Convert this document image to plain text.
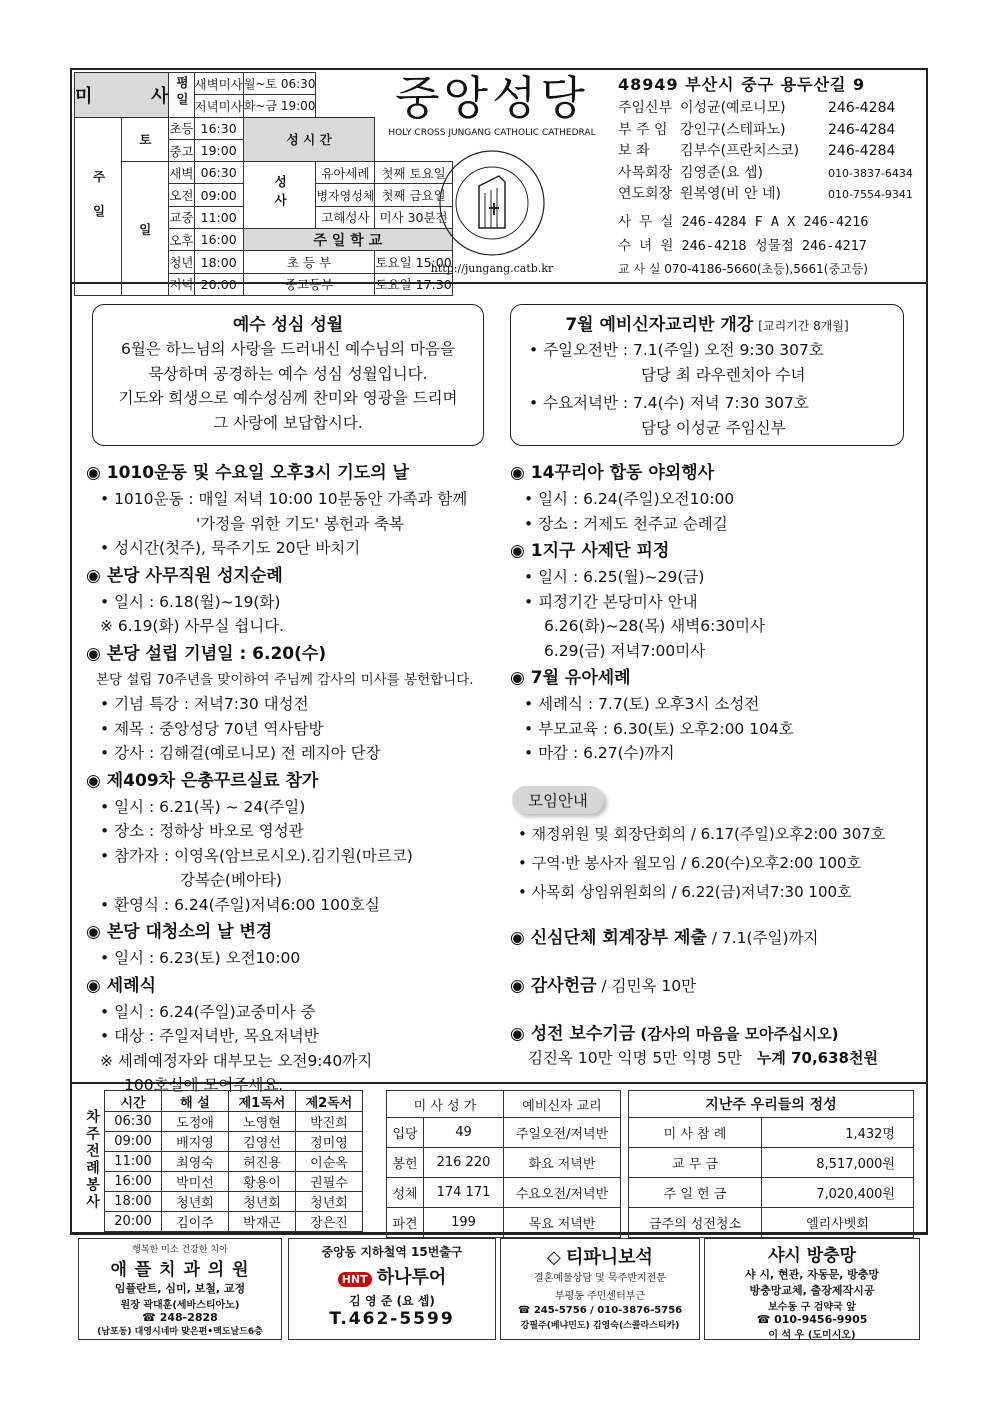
미 사		평일	새벽미사	월~토 06:30		
			저녁미사	화~금 19:00		
주일	토	초등	16:30	성 시 간		
		중고	19:00			
	일	새벽	06:30	성사	유아세례	첫째 토요일
		오전	09:00		병자영성체	첫째 금요일
		교중	11:00		고해성사	미사 30분전
		오후	16:00	주 일 학 교		
		청년	18:00	초 등 부		토요일 15:00
		저녁	20:00	중고등부		토요일 17:30
중앙성당
HOLY CROSS JUNGANG CATHOLIC CATHEDRAL
http://jungang.catb.kr
48949 부산시 중구 용두산길 9
주임신부 이성균(예로니모)	246-4284
부 주 임 강인구(스테파노)	246-4284
보 좌	김부수(프란치스코)	246-4284
사목회장 김영준(요 셉)	010-3837-6434
연도회장 원복영(비 안 네)	010-7554-9341
사 무 실 246-4284 F A X 246-4216
수 녀 원 246-4218 성물점 246-4217
교 사 실 070-4186-5660(초등),5661(중고등)
예수 성심 성월
6월은 하느님의 사랑을 드러내신 예수님의 마음을
묵상하며 공경하는 예수 성심 성월입니다.
기도와 희생으로 예수성심께 찬미와 영광을 드리며
그 사랑에 보답합시다.
7월 예비신자교리반 개강 [교리기간 8개월]
• 주일오전반 : 7.1(주일) 오전 9:30 307호
담당 최 라우렌치아 수녀
• 수요저녁반 : 7.4(수) 저녁 7:30 307호
담당 이성균 주임신부
◉ 1010운동 및 수요일 오후3시 기도의 날
• 1010운동 : 매일 저녁 10:00 10분동안 가족과 함께
'가정을 위한 기도' 봉헌과 축복
• 성시간(첫주), 묵주기도 20단 바치기
◉ 본당 사무직원 성지순례
• 일시 : 6.18(월)~19(화)
※ 6.19(화) 사무실 쉽니다.
◉ 본당 설립 기념일 : 6.20(수)
본당 설립 70주년을 맞이하여 주님께 감사의 미사를 봉헌합니다.
• 기념 특강 : 저녁7:30 대성전
• 제목 : 중앙성당 70년 역사탐방
• 강사 : 김해걸(예로니모) 전 레지아 단장
◉ 제409차 은총꾸르실료 참가
• 일시 : 6.21(목) ~ 24(주일)
• 장소 : 정하상 바오로 영성관
• 참가자 : 이영옥(암브로시오).김기원(마르코)
강복순(베아타)
• 환영식 : 6.24(주일)저녁6:00 100호실
◉ 본당 대청소의 날 변경
• 일시 : 6.23(토) 오전10:00
◉ 세례식
• 일시 : 6.24(주일)교중미사 중
• 대상 : 주일저녁반, 목요저녁반
※ 세례예정자와 대부모는 오전9:40까지
100호실에 모여주세요.
◉ 14꾸리아 합동 야외행사
• 일시 : 6.24(주일)오전10:00
• 장소 : 거제도 천주교 순례길
◉ 1지구 사제단 피정
• 일시 : 6.25(월)~29(금)
• 피정기간 본당미사 안내
6.26(화)~28(목) 새벽6:30미사
6.29(금) 저녁7:00미사
◉ 7월 유아세례
• 세례식 : 7.7(토) 오후3시 소성전
• 부모교육 : 6.30(토) 오후2:00 104호
• 마감 : 6.27(수)까지
모임안내
• 재정위원 및 회장단회의 / 6.17(주일)오후2:00 307호
• 구역·반 봉사자 월모임 / 6.20(수)오후2:00 100호
• 사목회 상임위원회의 / 6.22(금)저녁7:30 100호
◉ 신심단체 회계장부 제출 / 7.1(주일)까지
◉ 감사헌금 / 김민옥 10만
◉ 성전 보수기금 (감사의 마음을 모아주십시오)
김진옥 10만 익명 5만 익명 5만 누계 70,638천원
차주전례봉사	시간	해 설	제1독서	제2독서
	06:30	도정애	노영현	박진희
	09:00	배지영	김영선	정미영
	11:00	최영숙	허진용	이순옥
	16:00	박미선	황용이	권필수
	18:00	청년회	청년회	청년회
	20:00	김이주	박재곤	장은진
미 사 성 가		예비신자 교리
입당	49	주일오전/저녁반
봉헌	216 220	화요 저녁반
성체	174 171	수요오전/저녁반
파견	199	목요 저녁반
지난주 우리들의 정성	
미 사 참 례	1,432명
교 무 금	8,517,000원
주 일 헌 금	7,020,400원
금주의 성전청소	엘리사벳회
행복한 미소 건강한 치아
애 플 치 과 의 원
임플란트, 심미, 보철, 교정
원장 곽대훈(세바스티아노)
☎ 248-2828
(남포동) 대영시네마 맞은편•맥도날드6층
중앙동 지하철역 15번출구
HNT 하나투어
김 영 준 (요 셉)
T.462-5599
◇ 티파니보석
결혼예물상담 및 묵주반지전문
부평동 주민센터부근
☎ 245-5756 / 010-3876-5756
강필주(베냐민도) 김영숙(스콜라스티카)
샤시 방충망
샤 시, 현관, 자동문, 방충망
방충망교체, 출장제작시공
보수동 구 검약국 앞
☎ 010-9456-9905
이 석 우 (도미시오)
